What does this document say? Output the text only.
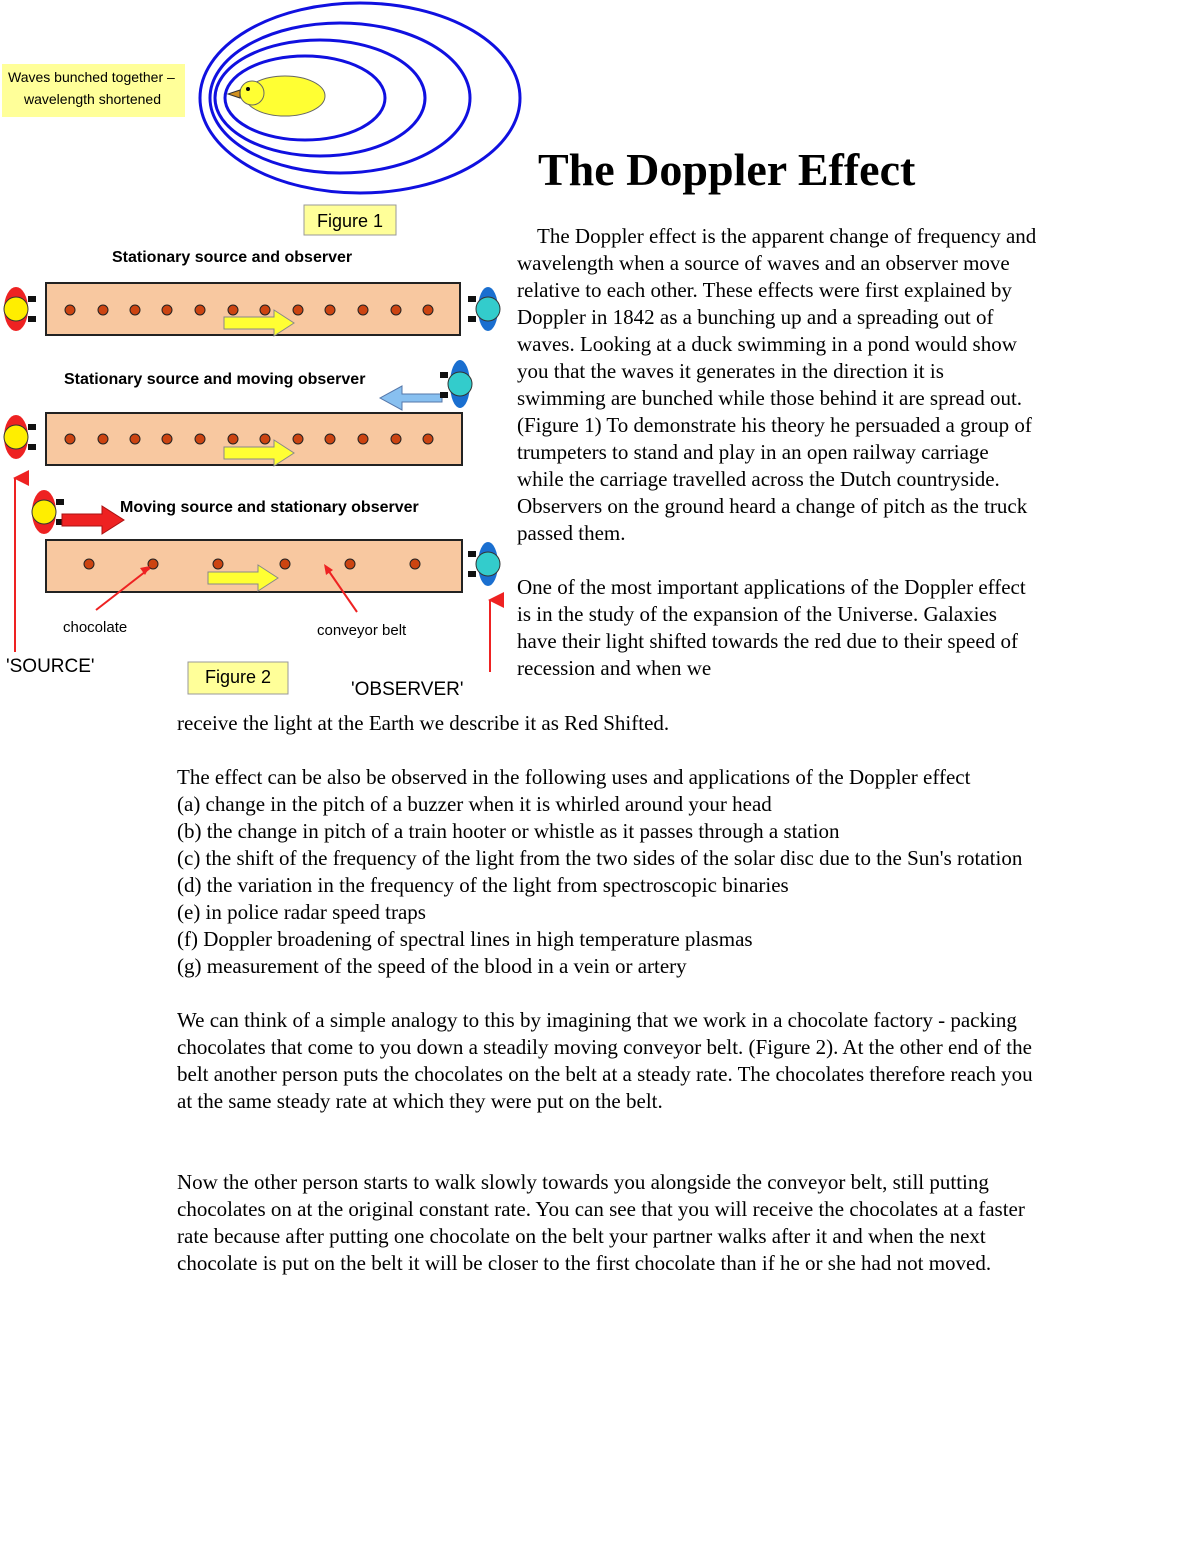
Waves bunched together –
wavelength shortened
Figure 1
Stationary source and observer
Stationary source and moving observer
Moving source and stationary observer
chocolate	conveyor belt
'SOURCE'	Figure 2
'OBSERVER'
The Doppler Effect

The Doppler effect is the apparent change of frequency and wavelength when a source of waves and an observer move relative to each other. These effects were first explained by Doppler in 1842 as a bunching up and a spreading out of waves. Looking at a duck swimming in a pond would show you that the waves it generates in the direction it is swimming are bunched while those behind it are spread out. (Figure 1) To demonstrate his theory he persuaded a group of trumpeters to stand and play in an open railway carriage while the carriage travelled across the Dutch countryside. Observers on the ground heard a change of pitch as the truck passed them.

One of the most important applications of the Doppler effect is in the study of the expansion of the Universe. Galaxies have their light shifted towards the red due to their speed of recession and when we

receive the light at the Earth we describe it as Red Shifted.

The effect can be also be observed in the following uses and applications of the Doppler effect

(a) change in the pitch of a buzzer when it is whirled around your head

(b) the change in pitch of a train hooter or whistle as it passes through a station

(c) the shift of the frequency of the light from the two sides of the solar disc due to the Sun's rotation

(d) the variation in the frequency of the light from spectroscopic binaries

(e) in police radar speed traps

(f) Doppler broadening of spectral lines in high temperature plasmas

(g) measurement of the speed of the blood in a vein or artery

We can think of a simple analogy to this by imagining that we work in a chocolate factory - packing chocolates that come to you down a steadily moving conveyor belt. (Figure 2). At the other end of the belt another person puts the chocolates on the belt at a steady rate. The chocolates therefore reach you at the same steady rate at which they were put on the belt.

Now the other person starts to walk slowly towards you alongside the conveyor belt, still putting chocolates on at the original constant rate. You can see that you will receive the chocolates at a faster rate because after putting one chocolate on the belt your partner walks after it and when the next chocolate is put on the belt it will be closer to the first chocolate than if he or she had not moved.
